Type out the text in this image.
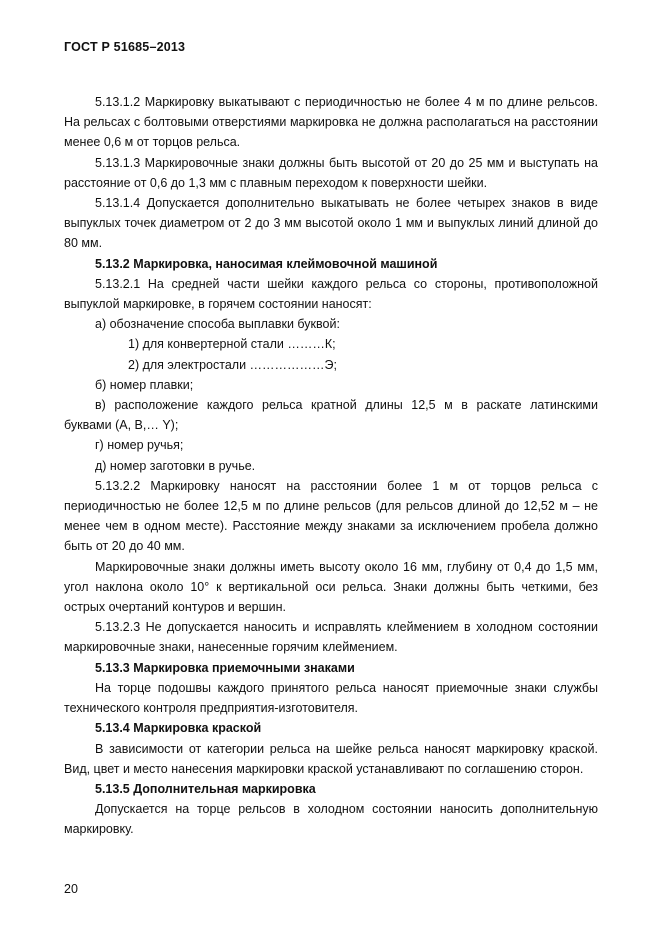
ГОСТ Р 51685–2013

5.13.1.2 Маркировку выкатывают с периодичностью не более 4 м по длине рельсов. На рельсах с болтовыми отверстиями маркировка не должна располагаться на расстоянии менее 0,6 м от торцов рельса.

5.13.1.3 Маркировочные знаки должны быть высотой от 20 до 25 мм и выступать на расстояние от 0,6 до 1,3 мм с плавным переходом к поверхности шейки.

5.13.1.4 Допускается дополнительно выкатывать не более четырех знаков в виде выпуклых точек диаметром от 2 до 3 мм высотой около 1 мм и выпуклых линий длиной до 80 мм.

5.13.2 Маркировка, наносимая клеймовочной машиной

5.13.2.1 На средней части шейки каждого рельса со стороны, противоположной выпуклой маркировке, в горячем состоянии наносят:

а) обозначение способа выплавки буквой:

1) для конвертерной стали ………К;

2) для электростали ………………Э;

б) номер плавки;

в) расположение каждого рельса кратной длины 12,5 м в раскате латинскими буквами (А, В,… Y);

г) номер ручья;

д) номер заготовки в ручье.

5.13.2.2 Маркировку наносят на расстоянии более 1 м от торцов рельса с периодичностью не более 12,5 м по длине рельсов (для рельсов длиной до 12,52 м – не менее чем в одном месте). Расстояние между знаками за исключением пробела должно быть от 20 до 40 мм.

Маркировочные знаки должны иметь высоту около 16 мм, глубину от 0,4 до 1,5 мм, угол наклона около 10° к вертикальной оси рельса. Знаки должны быть четкими, без острых очертаний контуров и вершин.

5.13.2.3 Не допускается наносить и исправлять клеймением в холодном состоянии маркировочные знаки, нанесенные горячим клеймением.

5.13.3 Маркировка приемочными знаками

На торце подошвы каждого принятого рельса наносят приемочные знаки службы технического контроля предприятия-изготовителя.

5.13.4 Маркировка краской

В зависимости от категории рельса на шейке рельса наносят маркировку краской. Вид, цвет и место нанесения маркировки краской устанавливают по соглашению сторон.

5.13.5 Дополнительная маркировка

Допускается на торце рельсов в холодном состоянии наносить дополнительную маркировку.

20
